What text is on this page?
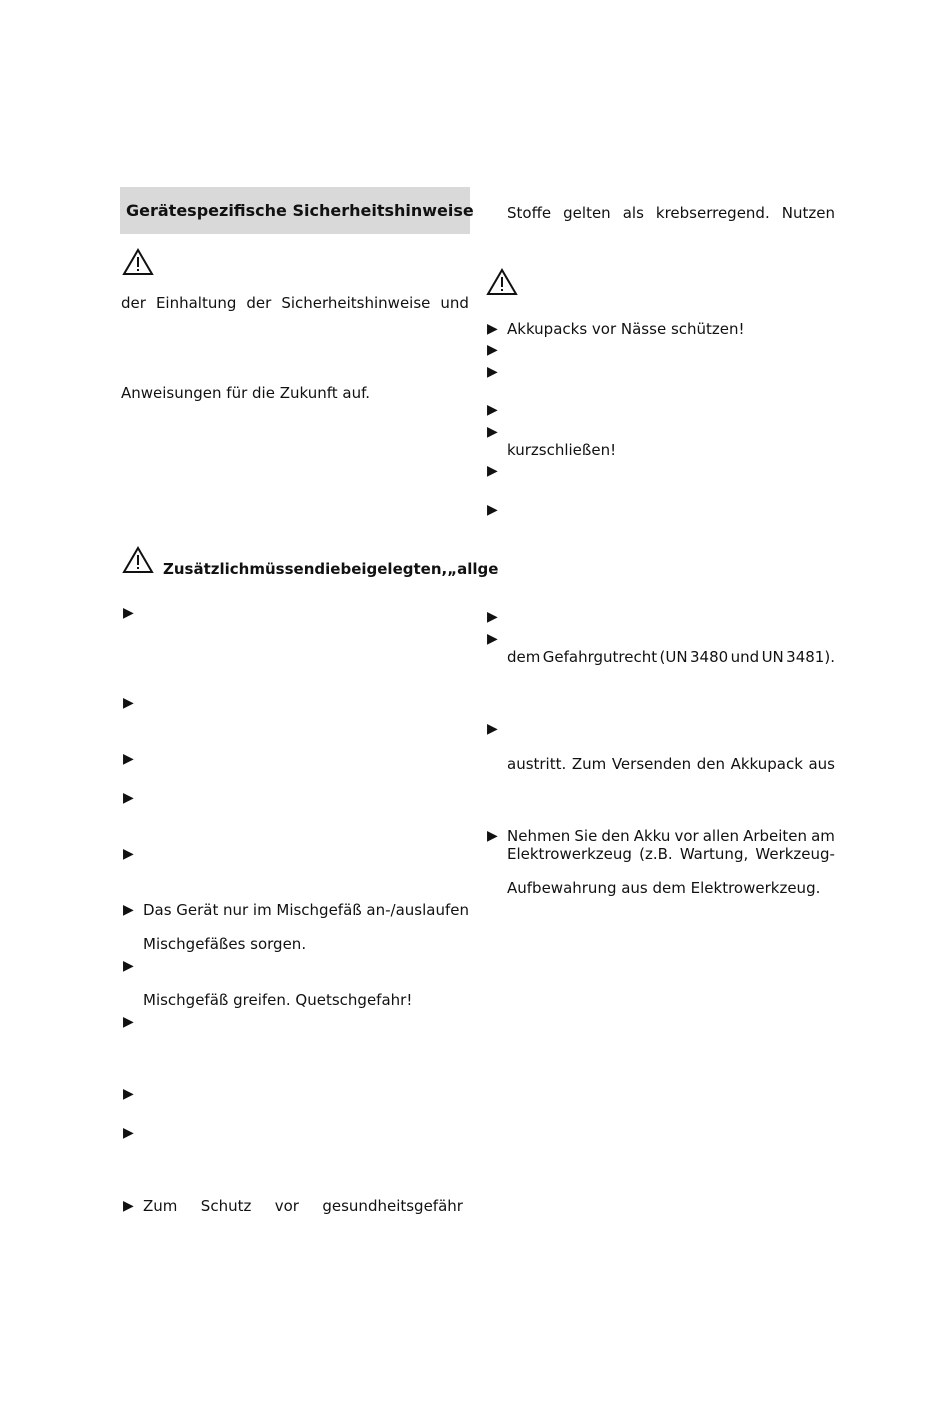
Gerätespezifische Sicherheitshinweise
der Einhaltung der Sicherheitshinweise und
Anweisungen für die Zukunft auf.
Zusätzlich müssen die beigelegten, „allge
▶
▶
▶
▶
▶
▶ Das Gerät nur im Mischgefäß an-/auslaufen
Mischgefäßes sorgen.
▶
Mischgefäß greifen. Quetschgefahr!
▶
▶
▶
▶ Zum Schutz vor gesundheitsgefähr
Stoffe gelten als krebserregend. Nutzen
▶ Akkupacks vor Nässe schützen!
▶
▶
▶
▶
kurzschließen!
▶
▶
▶
▶
dem Gefahrgutrecht (UN 3480 und UN 3481).
▶
austritt. Zum Versenden den Akkupack aus
▶ Nehmen Sie den Akku vor allen Arbeiten am
Elektrowerkzeug (z.B. Wartung, Werkzeug-
Aufbewahrung aus dem Elektrowerkzeug.
